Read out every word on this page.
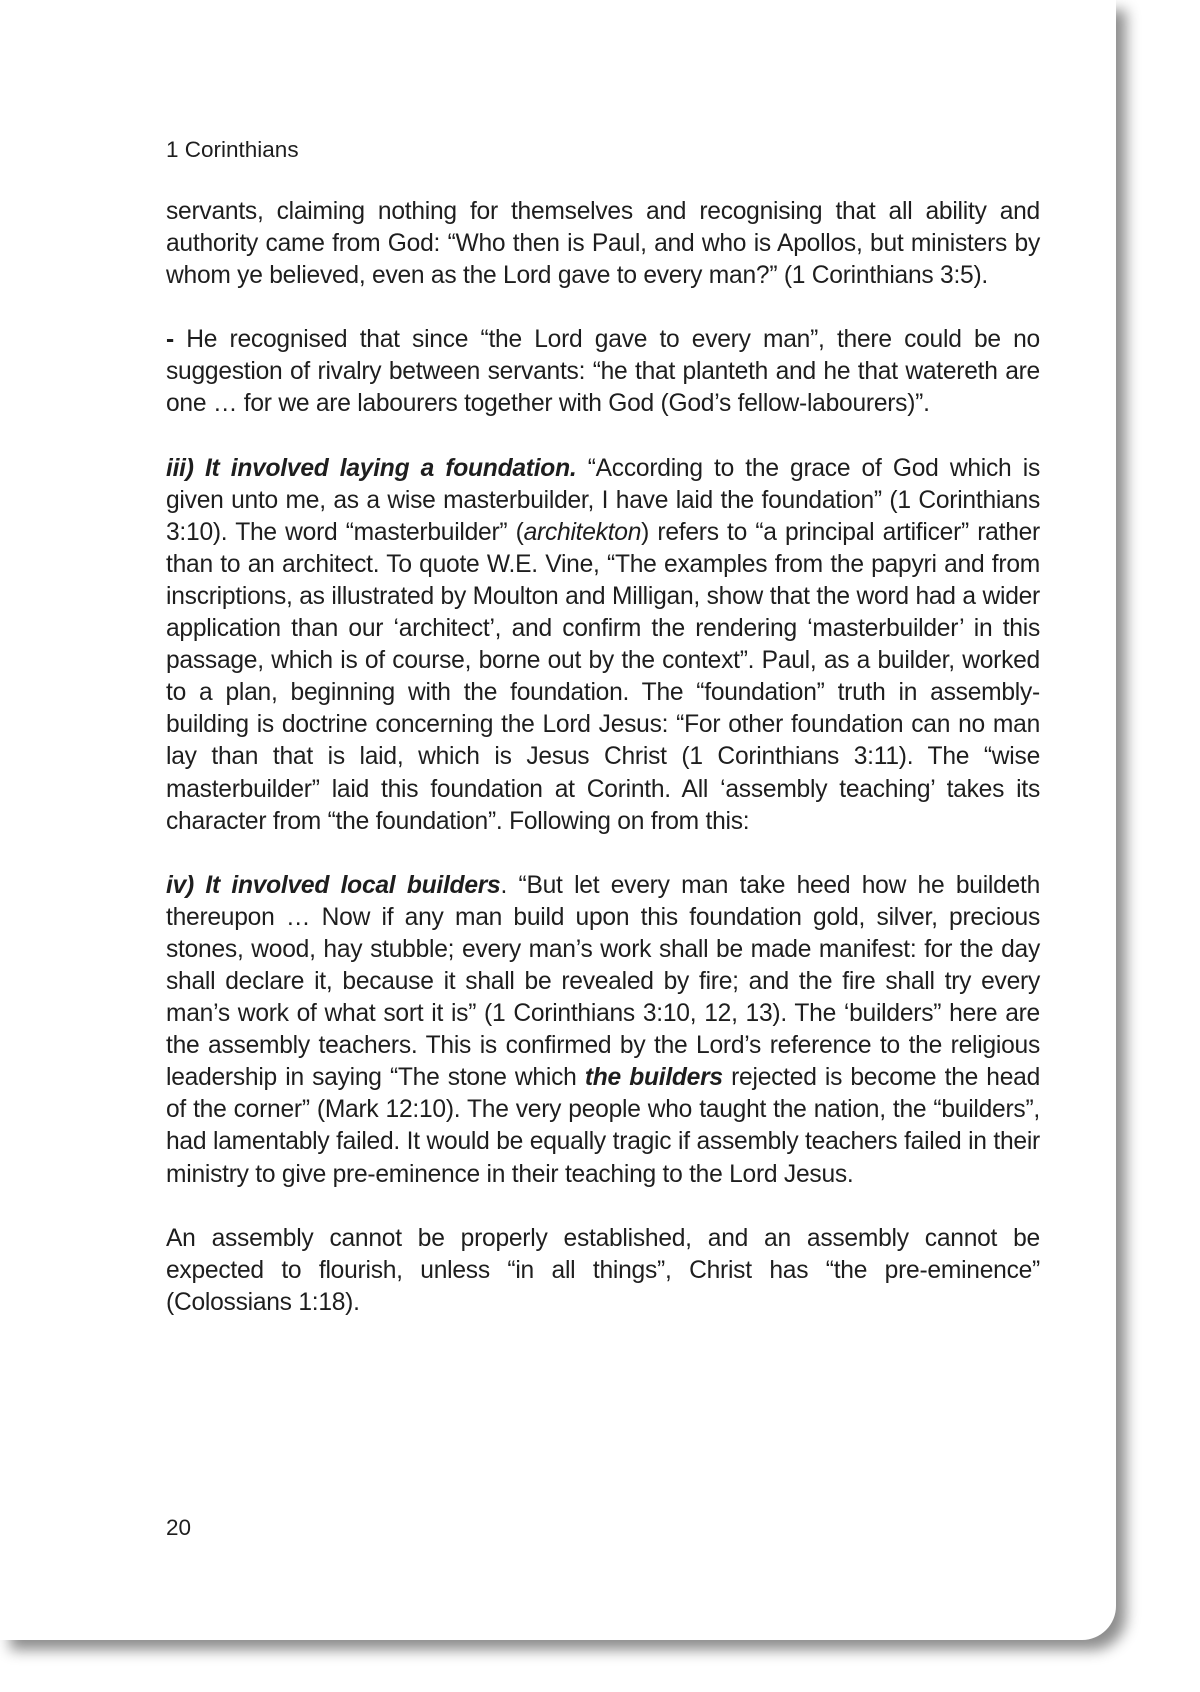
1 Corinthians

servants, claiming nothing for themselves and recognising that all ability and authority came from God: “Who then is Paul, and who is Apollos, but ministers by whom ye believed, even as the Lord gave to every man?” (1 Corinthians 3:5).

- He recognised that since “the Lord gave to every man”, there could be no suggestion of rivalry between servants: “he that planteth and he that watereth are one … for we are labourers together with God (God’s fellow-labourers)”.

iii) It involved laying a foundation. “According to the grace of God which is given unto me, as a wise masterbuilder, I have laid the foundation” (1 Corinthians 3:10). The word “masterbuilder” (architekton) refers to “a principal artificer” rather than to an architect. To quote W.E. Vine, “The examples from the papyri and from inscriptions, as illustrated by Moulton and Milligan, show that the word had a wider application than our ‘architect’, and confirm the rendering ‘masterbuilder’ in this passage, which is of course, borne out by the context”. Paul, as a builder, worked to a plan, beginning with the foundation. The “foundation” truth in assembly-building is doctrine concerning the Lord Jesus: “For other foundation can no man lay than that is laid, which is Jesus Christ (1 Corinthians 3:11). The “wise masterbuilder” laid this foundation at Corinth. All ‘assembly teaching’ takes its character from “the foundation”. Following on from this:

iv) It involved local builders. “But let every man take heed how he buildeth thereupon … Now if any man build upon this foundation gold, silver, precious stones, wood, hay stubble; every man’s work shall be made manifest: for the day shall declare it, because it shall be revealed by fire; and the fire shall try every man’s work of what sort it is” (1 Corinthians 3:10, 12, 13). The ‘builders” here are the assembly teachers. This is confirmed by the Lord’s reference to the religious leadership in saying “The stone which the builders rejected is become the head of the corner” (Mark 12:10). The very people who taught the nation, the “builders”, had lamentably failed. It would be equally tragic if assembly teachers failed in their ministry to give pre-eminence in their teaching to the Lord Jesus.

An assembly cannot be properly established, and an assembly cannot be expected to flourish, unless “in all things”, Christ has “the pre-eminence” (Colossians 1:18).

20
